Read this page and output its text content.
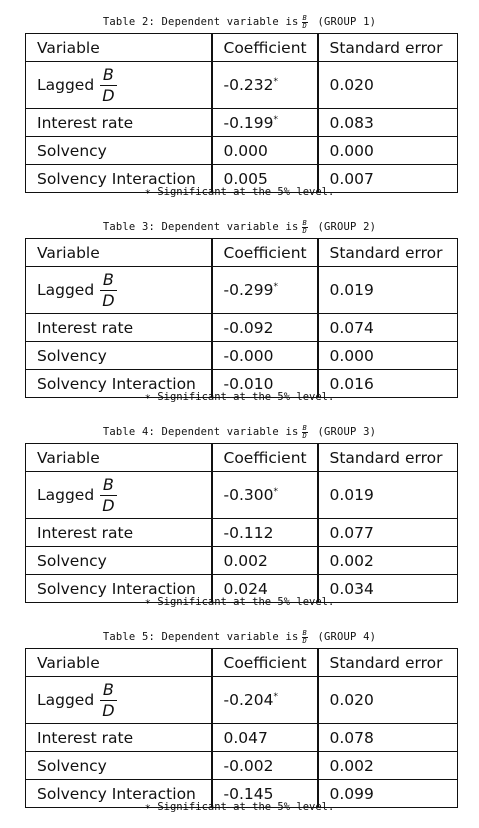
Table 2: Dependent variable is $\frac{B}{D}$
(GROUP 1)
Variable	Coefficient	Standard error
Lagged $\frac{B}{D}$	-0.232*	0.020
Interest rate	-0.199*	0.083
Solvency	0.000	0.000
Solvency Interaction	0.005	0.007
∗ Significant at the 5% level.
Table 3: Dependent variable is $\frac{B}{D}$
(GROUP 2)
Variable	Coefficient	Standard error
Lagged $\frac{B}{D}$	-0.299*	0.019
Interest rate	-0.092	0.074
Solvency	-0.000	0.000
Solvency Interaction	-0.010	0.016
∗ Significant at the 5% level.
Table 4: Dependent variable is $\frac{B}{D}$
(GROUP 3)
Variable	Coefficient	Standard error
Lagged $\frac{B}{D}$	-0.300*	0.019
Interest rate	-0.112	0.077
Solvency	0.002	0.002
Solvency Interaction	0.024	0.034
∗ Significant at the 5% level.
Table 5: Dependent variable is $\frac{B}{D}$
(GROUP 4)
Variable	Coefficient	Standard error
Lagged $\frac{B}{D}$	-0.204*	0.020
Interest rate	0.047	0.078
Solvency	-0.002	0.002
Solvency Interaction	-0.145	0.099
∗ Significant at the 5% level.
